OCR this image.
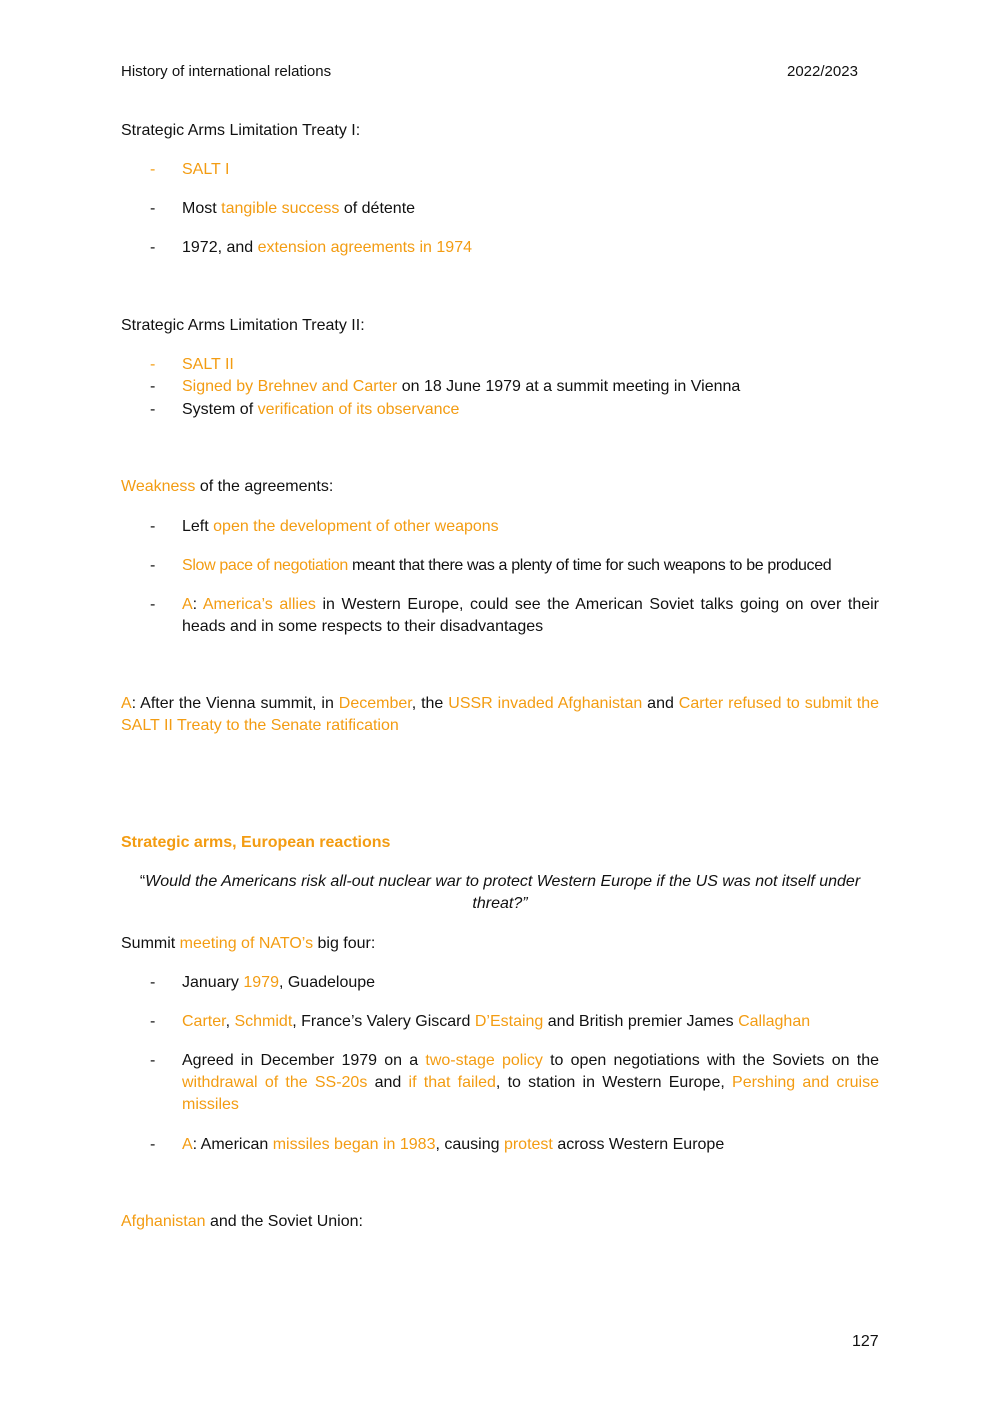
History of international relations	2022/2023
Strategic Arms Limitation Treaty I:
- SALT I
- Most tangible success of détente
- 1972, and extension agreements in 1974
Strategic Arms Limitation Treaty II:
- SALT II
- Signed by Brehnev and Carter on 18 June 1979 at a summit meeting in Vienna
- System of verification of its observance
Weakness of the agreements:
- Left open the development of other weapons
- Slow pace of negotiation meant that there was a plenty of time for such weapons to be produced
- A: America’s allies in Western Europe, could see the American Soviet talks going on over their heads and in some respects to their disadvantages
A: After the Vienna summit, in December, the USSR invaded Afghanistan and Carter refused to submit the SALT II Treaty to the Senate ratification
Strategic arms, European reactions
“Would the Americans risk all-out nuclear war to protect Western Europe if the US was not itself under threat?”
Summit meeting of NATO’s big four:
- January 1979, Guadeloupe
- Carter, Schmidt, France’s Valery Giscard D’Estaing and British premier James Callaghan
- Agreed in December 1979 on a two-stage policy to open negotiations with the Soviets on the withdrawal of the SS-20s and if that failed, to station in Western Europe, Pershing and cruise missiles
- A: American missiles began in 1983, causing protest across Western Europe
Afghanistan and the Soviet Union:
127
